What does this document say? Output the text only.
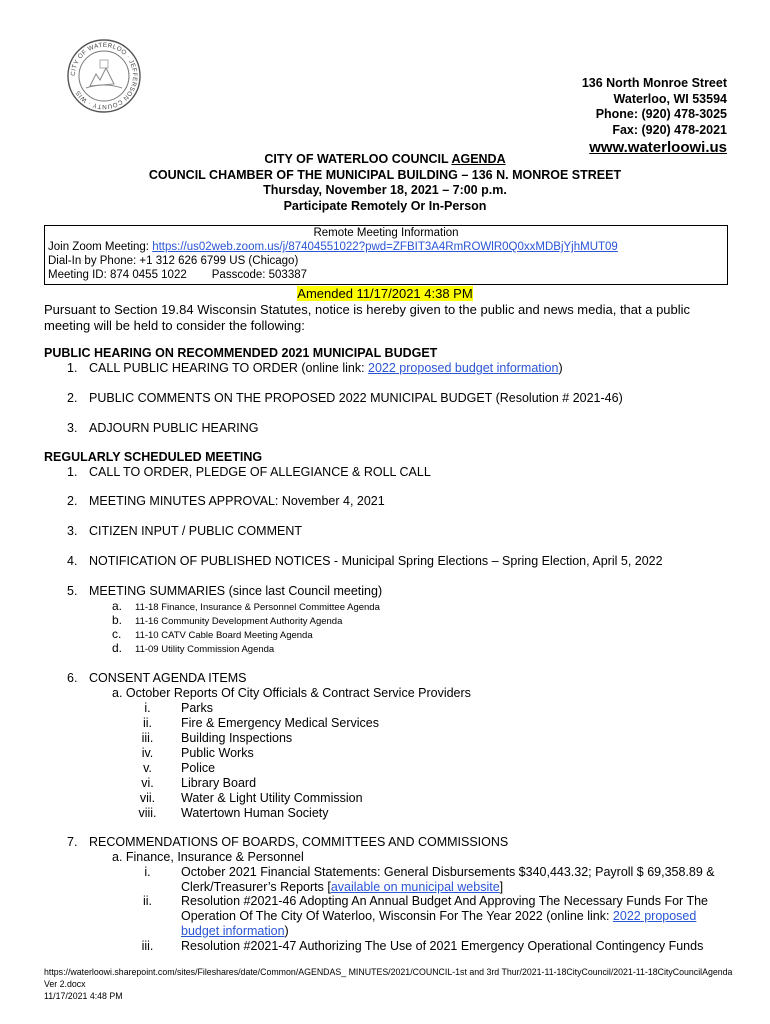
CITY OF WATERLOO · JEFFERSON COUNTY · WIS
136 North Monroe Street
Waterloo, WI 53594
Phone: (920) 478-3025
Fax: (920) 478-2021
www.waterloowi.us
CITY OF WATERLOO COUNCIL AGENDA
COUNCIL CHAMBER OF THE MUNICIPAL BUILDING – 136 N. MONROE STREET
Thursday, November 18, 2021 – 7:00 p.m.
Participate Remotely Or In-Person
Remote Meeting Information
Join Zoom Meeting: https://us02web.zoom.us/j/87404551022?pwd=ZFBIT3A4RmROWlR0Q0xxMDBjYjhMUT09
Dial-In by Phone: +1 312 626 6799 US (Chicago)
Meeting ID: 874 0455 1022 Passcode: 503387
Amended 11/17/2021 4:38 PM
Pursuant to Section 19.84 Wisconsin Statutes, notice is hereby given to the public and news media, that a public meeting will be held to consider the following:
PUBLIC HEARING ON RECOMMENDED 2021 MUNICIPAL BUDGET
1. CALL PUBLIC HEARING TO ORDER (online link: 2022 proposed budget information)
2. PUBLIC COMMENTS ON THE PROPOSED 2022 MUNICIPAL BUDGET (Resolution # 2021-46)
3. ADJOURN PUBLIC HEARING
REGULARLY SCHEDULED MEETING
1. CALL TO ORDER, PLEDGE OF ALLEGIANCE & ROLL CALL
2. MEETING MINUTES APPROVAL: November 4, 2021
3. CITIZEN INPUT / PUBLIC COMMENT
4. NOTIFICATION OF PUBLISHED NOTICES - Municipal Spring Elections – Spring Election, April 5, 2022
5. MEETING SUMMARIES (since last Council meeting)
a. 11-18 Finance, Insurance & Personnel Committee Agenda
b. 11-16 Community Development Authority Agenda
c. 11-10 CATV Cable Board Meeting Agenda
d. 11-09 Utility Commission Agenda
6. CONSENT AGENDA ITEMS
a. October Reports Of City Officials & Contract Service Providers
i. Parks
ii. Fire & Emergency Medical Services
iii. Building Inspections
iv. Public Works
v. Police
vi. Library Board
vii. Water & Light Utility Commission
viii. Watertown Human Society
7. RECOMMENDATIONS OF BOARDS, COMMITTEES AND COMMISSIONS
a. Finance, Insurance & Personnel
i.	October 2021 Financial Statements: General Disbursements $340,443.32; Payroll $ 69,358.89 &
Clerk/Treasurer’s Reports [available on municipal website]
ii.	Resolution #2021-46 Adopting An Annual Budget And Approving The Necessary Funds For The
Operation Of The City Of Waterloo, Wisconsin For The Year 2022 (online link: 2022 proposed
budget information)
iii.	Resolution #2021-47 Authorizing The Use of 2021 Emergency Operational Contingency Funds
https://waterloowi.sharepoint.com/sites/Fileshares/date/Common/AGENDAS_ MINUTES/2021/COUNCIL-1st and 3rd Thur/2021-11-18CityCouncil/2021-11-18CityCouncilAgenda Ver 2.docx
11/17/2021 4:48 PM
